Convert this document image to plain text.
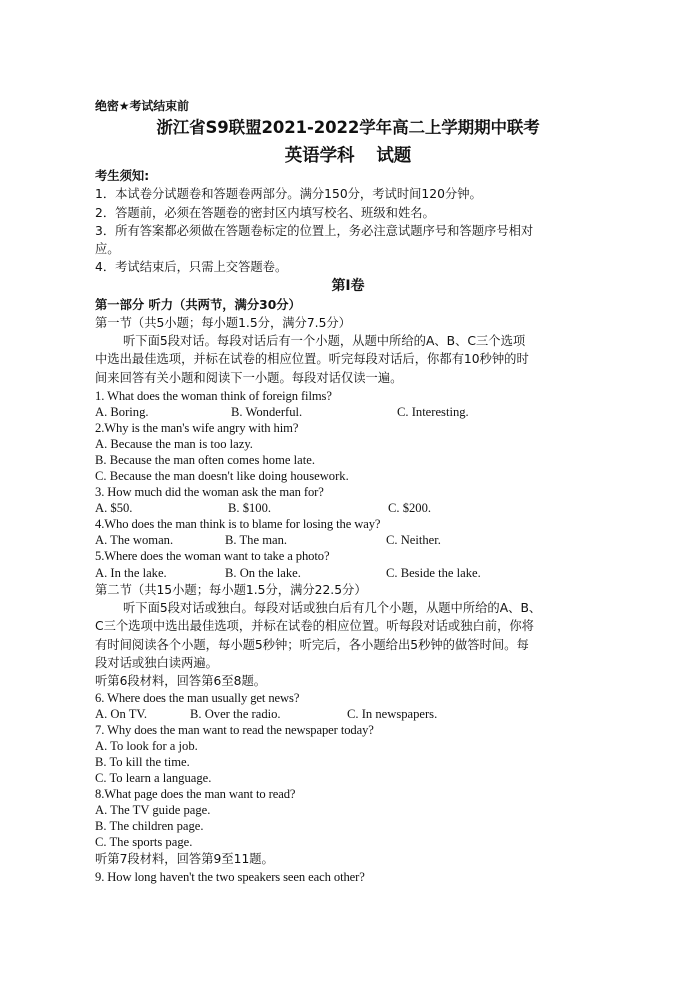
绝密★考试结束前
浙江省S9联盟2021-2022学年高二上学期期中联考
英语学科 试题
考生须知:
1．本试卷分试题卷和答题卷两部分。满分150分，考试时间120分钟。
2．答题前，必须在答题卷的密封区内填写校名、班级和姓名。
3．所有答案都必须做在答题卷标定的位置上，务必注意试题序号和答题序号相对
应。
4．考试结束后，只需上交答题卷。
第Ⅰ卷
第一部分 听力（共两节，满分30分）
第一节（共5小题；每小题1.5分，满分7.5分）
听下面5段对话。每段对话后有一个小题，从题中所给的A、B、C三个选项
中选出最佳选项，并标在试卷的相应位置。听完每段对话后，你都有10秒钟的时
间来回答有关小题和阅读下一小题。每段对话仅读一遍。
1. What does the woman think of foreign films?
A. Boring.	B. Wonderful.	C. Interesting.
2.Why is the man's wife angry with him?
A. Because the man is too lazy.
B. Because the man often comes home late.
C. Because the man doesn't like doing housework.
3. How much did the woman ask the man for?
A. $50.	B. $100.	C. $200.
4.Who does the man think is to blame for losing the way?
A. The woman.	B. The man.	C. Neither.
5.Where does the woman want to take a photo?
A. In the lake.	B. On the lake.	C. Beside the lake.
第二节（共15小题；每小题1.5分，满分22.5分）
听下面5段对话或独白。每段对话或独白后有几个小题，从题中所给的A、B、
C三个选项中选出最佳选项，并标在试卷的相应位置。听每段对话或独白前，你将
有时间阅读各个小题，每小题5秒钟；听完后，各小题给出5秒钟的做答时间。每
段对话或独白读两遍。
听第6段材料，回答第6至8题。
6. Where does the man usually get news?
A. On TV.	B. Over the radio.	C. In newspapers.
7. Why does the man want to read the newspaper today?
A. To look for a job.
B. To kill the time.
C. To learn a language.
8.What page does the man want to read?
A. The TV guide page.
B. The children page.
C. The sports page.
听第7段材料，回答第9至11题。
9. How long haven't the two speakers seen each other?
